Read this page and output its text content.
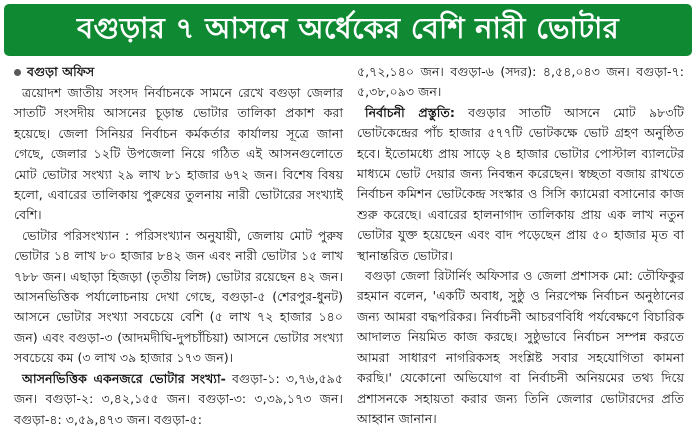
বগুড়ার ৭ আসনে অর্ধেকের বেশি নারী ভোটার
বগুড়া অফিস

ত্রয়োদশ জাতীয় সংসদ নির্বাচনকে সামনে রেখে বগুড়া জেলার সাতটি সংসদীয় আসনের চূড়ান্ত ভোটার তালিকা প্রকাশ করা হয়েছে। জেলা সিনিয়র নির্বাচন কর্মকর্তার কার্যালয় সূত্রে জানা গেছে, জেলার ১২টি উপজেলা নিয়ে গঠিত এই আসনগুলোতে মোট ভোটার সংখ্যা ২৯ লাখ ৮১ হাজার ৬৭২ জন। বিশেষ বিষয় হলো, এবারের তালিকায় পুরুষের তুলনায় নারী ভোটারের সংখ্যাই বেশি।

ভোটার পরিসংখ্যান : পরিসংখ্যান অনুযায়ী, জেলায় মোট পুরুষ ভোটার ১৪ লাখ ৮০ হাজার ৮৪২ জন এবং নারী ভোটার ১৫ লাখ ৭৮৮ জন। এছাড়া হিজড়া (তৃতীয় লিঙ্গ) ভোটার রয়েছেন ৪২ জন। আসনভিত্তিক পর্যালোচনায় দেখা গেছে, বগুড়া-৫ (শেরপুর-ধুনট) আসনে ভোটার সংখ্যা সবচেয়ে বেশি (৫ লাখ ৭২ হাজার ১৪০ জন) এবং বগুড়া-৩ (আদমদীঘি-দুপচাঁচিয়া) আসনে ভোটার সংখ্যা সবচেয়ে কম (৩ লাখ ৩৯ হাজার ১৭৩ জন)।

আসনভিত্তিক একনজরে ভোটার সংখ্যা- বগুড়া-১: ৩,৭৬,৫৯৫ জন। বগুড়া-২: ৩,৪২,১৫৫ জন। বগুড়া-৩: ৩,৩৯,১৭৩ জন। বগুড়া-৪: ৩,৫৯,৪৭৩ জন। বগুড়া-৫:

৫,৭২,১৪০ জন। বগুড়া-৬ (সদর): ৪,৫৪,০৪৩ জন। বগুড়া-৭: ৫,৩৮,০৯৩ জন।

নির্বাচনী প্রস্তুতি: বগুড়ার সাতটি আসনে মোট ৯৮৩টি ভোটকেন্দ্রের পাঁচ হাজার ৫৭৭টি ভোটকক্ষে ভোট গ্রহণ অনুষ্ঠিত হবে। ইতোমধ্যে প্রায় সাড়ে ২৪ হাজার ভোটার পোস্টাল ব্যালটের মাধ্যমে ভোট দেয়ার জন্য নিবন্ধন করেছেন। স্বচ্ছতা বজায় রাখতে নির্বাচন কমিশন ভোটকেন্দ্র সংস্কার ও সিসি ক্যামেরা বসানোর কাজ শুরু করেছে। এবারের হালনাগাদ তালিকায় প্রায় এক লাখ নতুন ভোটার যুক্ত হয়েছেন এবং বাদ পড়েছেন প্রায় ৫০ হাজার মৃত বা স্থানান্তরিত ভোটার।

বগুড়া জেলা রিটার্নিং অফিসার ও জেলা প্রশাসক মো: তৌফিকুর রহমান বলেন, 'একটি অবাধ, সুষ্ঠু ও নিরপেক্ষ নির্বাচন অনুষ্ঠানের জন্য আমরা বদ্ধপরিকর। নির্বাচনী আচরণবিধি পর্যবেক্ষণে বিচারিক আদালত নিয়মিত কাজ করছে। সুষ্ঠুভাবে নির্বাচন সম্পন্ন করতে আমরা সাধারণ নাগরিকসহ সংশ্লিষ্ট সবার সহযোগিতা কামনা করছি।' যেকোনো অভিযোগ বা নির্বাচনী অনিয়মের তথ্য দিয়ে প্রশাসনকে সহায়তা করার জন্য তিনি জেলার ভোটারদের প্রতি আহ্বান জানান।
